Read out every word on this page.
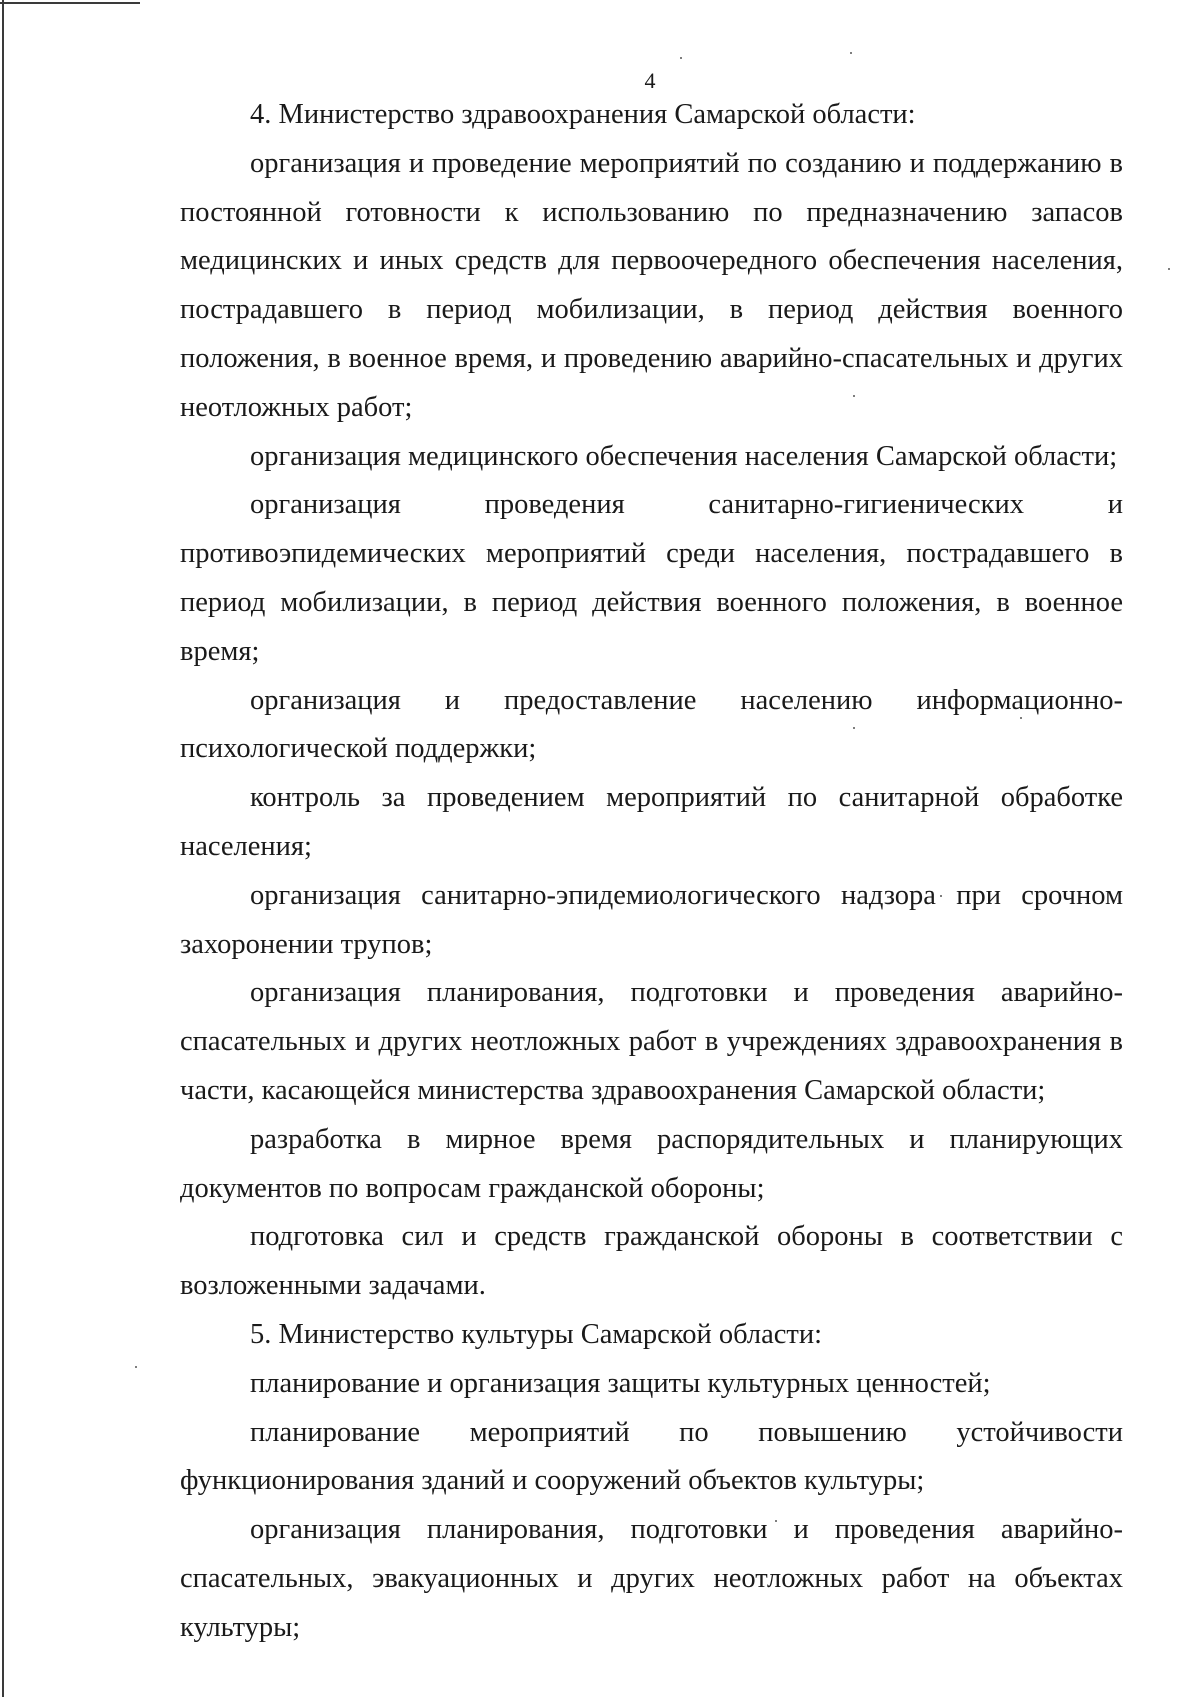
4

4. Министерство здравоохранения Самарской области:

организация и проведение мероприятий по созданию и поддержанию в постоянной готовности к использованию по предназначению запасов медицинских и иных средств для первоочередного обеспечения населения, пострадавшего в период мобилизации, в период действия военного положения, в военное время, и проведению аварийно-спасательных и других неотложных работ;

организация медицинского обеспечения населения Самарской области;

организация проведения санитарно-гигиенических и противоэпидемических мероприятий среди населения, пострадавшего в период мобилизации, в период действия военного положения, в военное время;

организация и предоставление населению информационно-психологической поддержки;

контроль за проведением мероприятий по санитарной обработке населения;

организация санитарно-эпидемиологического надзора при срочном захоронении трупов;

организация планирования, подготовки и проведения аварийно-спасательных и других неотложных работ в учреждениях здравоохранения в части, касающейся министерства здравоохранения Самарской области;

разработка в мирное время распорядительных и планирующих документов по вопросам гражданской обороны;

подготовка сил и средств гражданской обороны в соответствии с возложенными задачами.

5. Министерство культуры Самарской области:

планирование и организация защиты культурных ценностей;

планирование мероприятий по повышению устойчивости функционирования зданий и сооружений объектов культуры;

организация планирования, подготовки и проведения аварийно-спасательных, эвакуационных и других неотложных работ на объектах культуры;
